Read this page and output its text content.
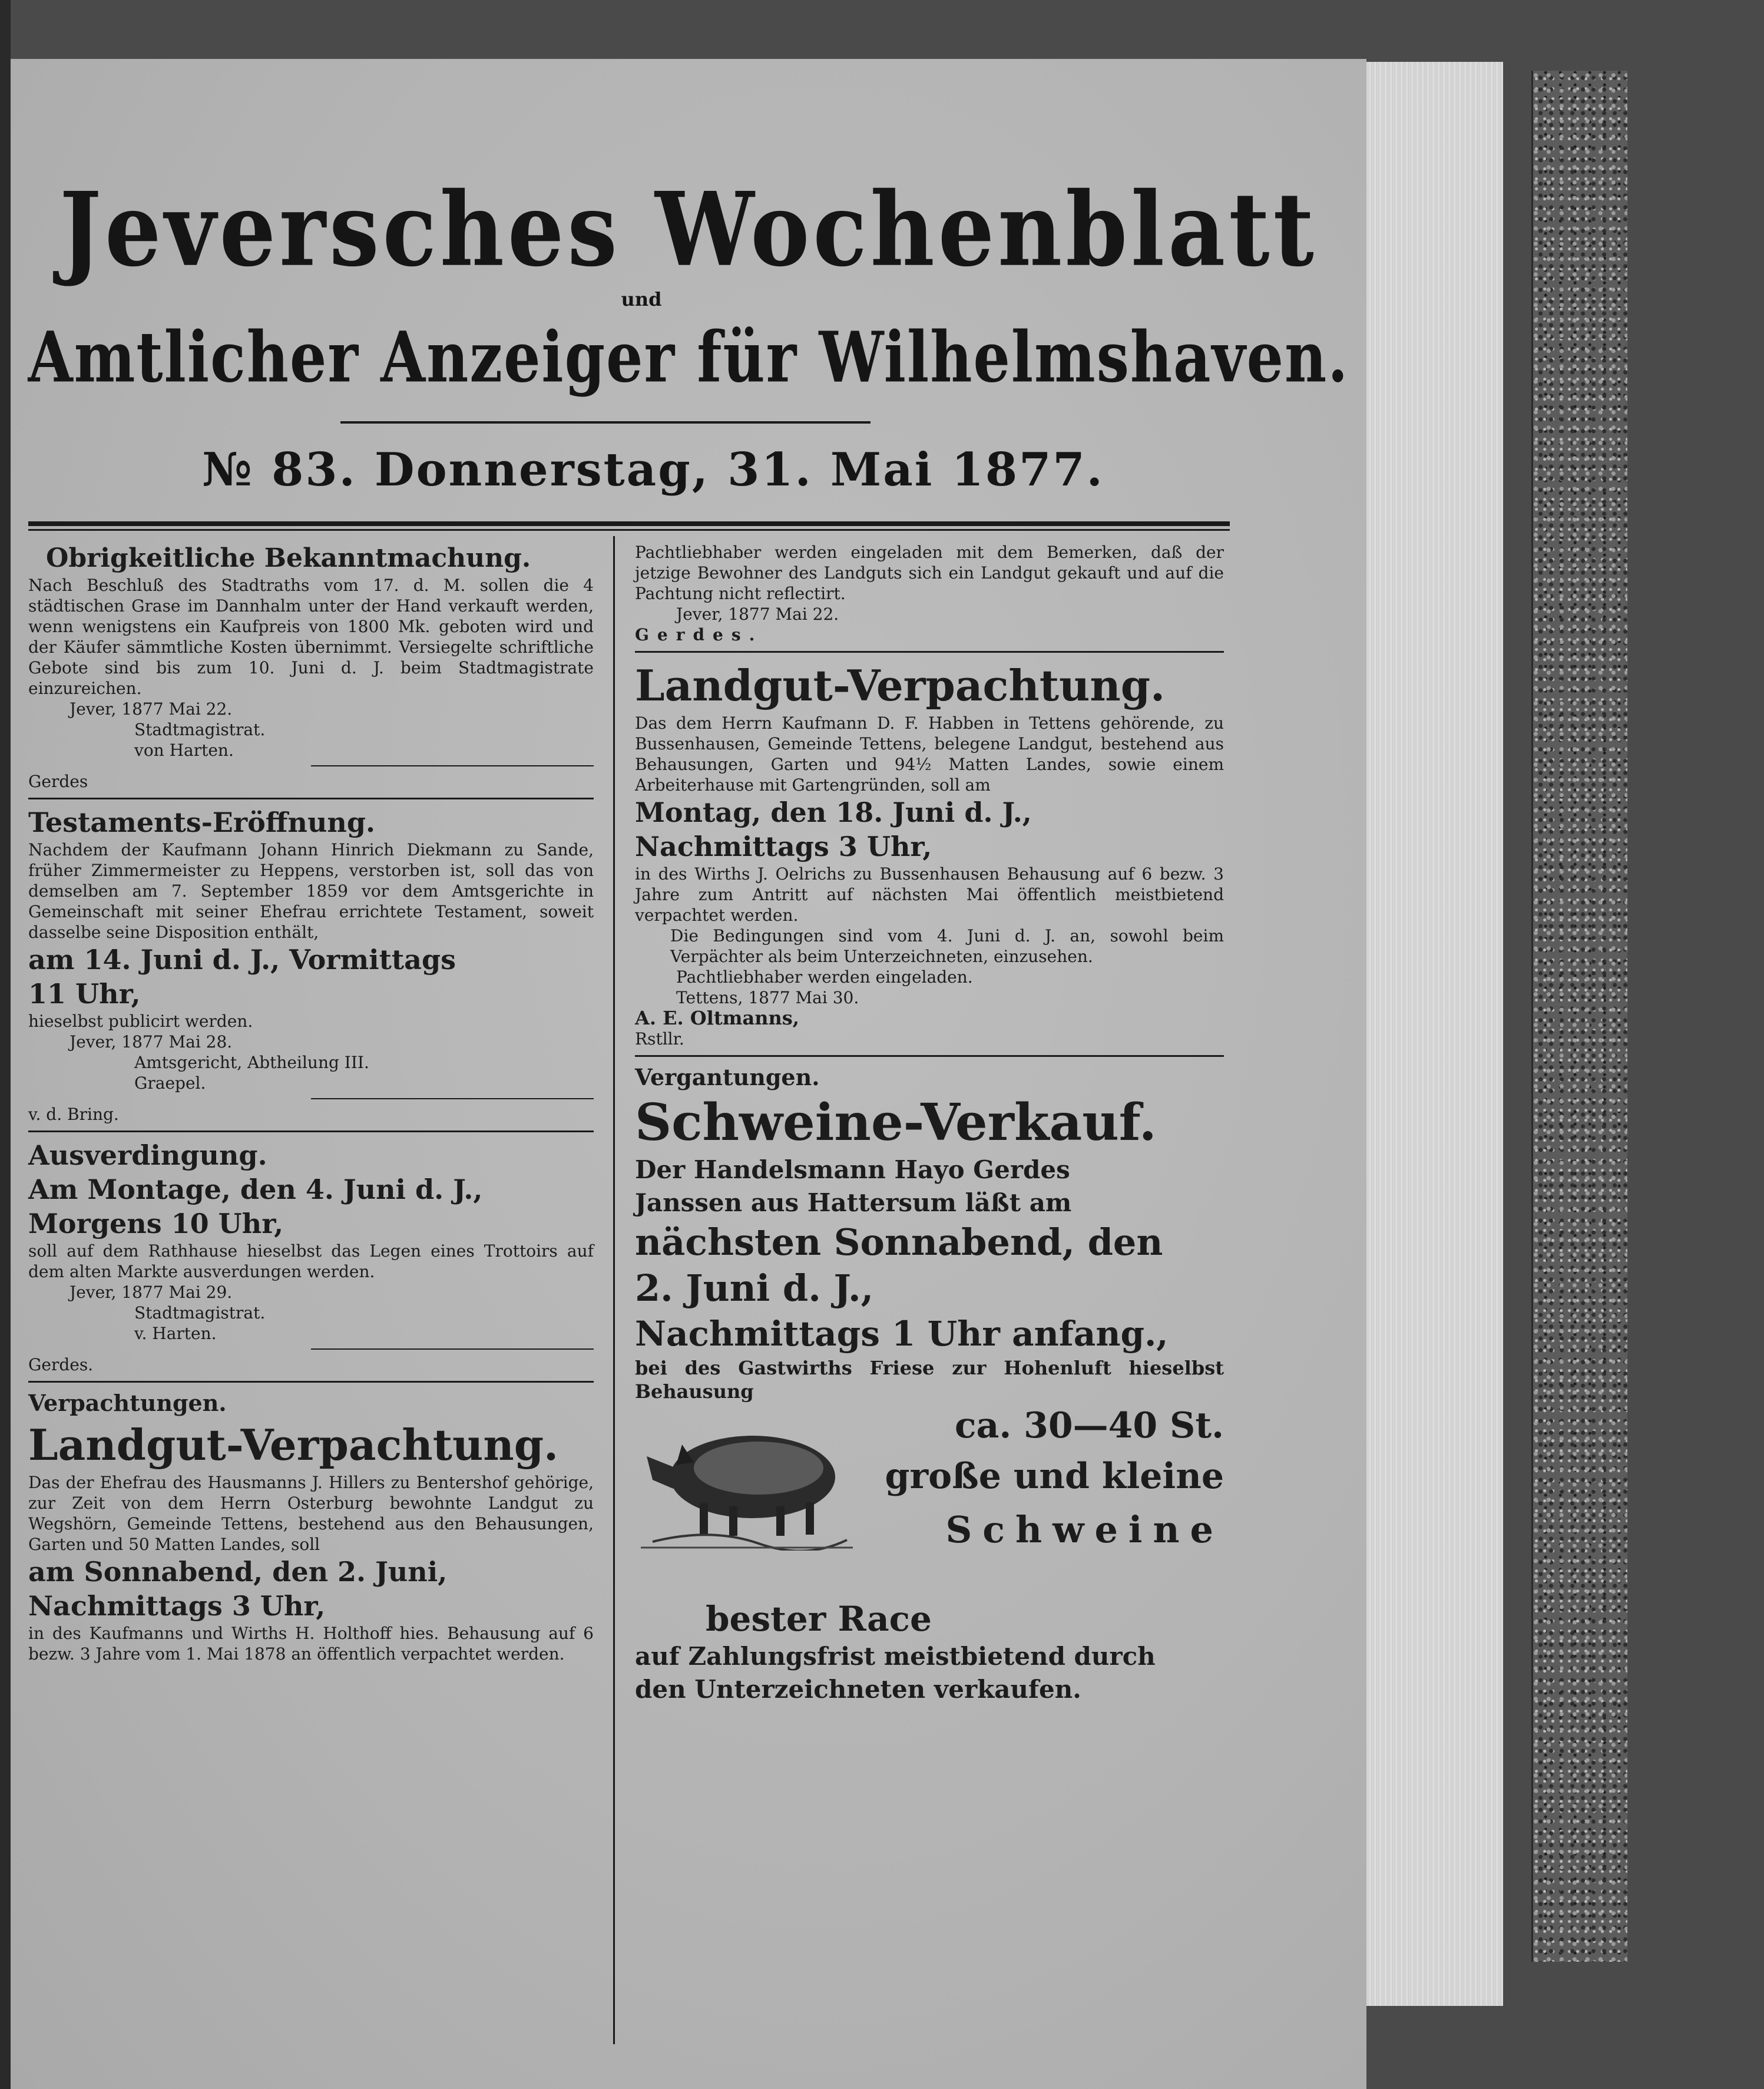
Jeversches Wochenblatt
und
Amtlicher Anzeiger für Wilhelmshaven.
№ 83. Donnerstag, 31. Mai 1877.

Obrigkeitliche Bekanntmachung.

Nach Beschluß des Stadtraths vom 17. d. M. sollen die 4 städtischen Grase im Dannhalm unter der Hand verkauft werden, wenn wenigstens ein Kaufpreis von 1800 Mk. geboten wird und der Käufer sämmtliche Kosten übernimmt. Versiegelte schriftliche Gebote sind bis zum 10. Juni d. J. beim Stadtmagistrate einzureichen.

Jever, 1877 Mai 22.

Stadtmagistrat.

von Harten.

Gerdes

Testaments-Eröffnung.

Nachdem der Kaufmann Johann Hinrich Diekmann zu Sande, früher Zimmermeister zu Heppens, verstorben ist, soll das von demselben am 7. September 1859 vor dem Amtsgerichte in Gemeinschaft mit seiner Ehefrau errichtete Testament, soweit dasselbe seine Disposition enthält,

am 14. Juni d. J., Vormittags

11 Uhr,

hieselbst publicirt werden.

Jever, 1877 Mai 28.

Amtsgericht, Abtheilung III.

Graepel.

v. d. Bring.

Ausverdingung.

Am Montage, den 4. Juni d. J.,

Morgens 10 Uhr,

soll auf dem Rathhause hieselbst das Legen eines Trottoirs auf dem alten Markte ausverdungen werden.

Jever, 1877 Mai 29.

Stadtmagistrat.

v. Harten.

Gerdes.

Verpachtungen.

Landgut-Verpachtung.

Das der Ehefrau des Hausmanns J. Hillers zu Bentershof gehörige, zur Zeit von dem Herrn Osterburg bewohnte Landgut zu Wegshörn, Gemeinde Tettens, bestehend aus den Behausungen, Garten und 50 Matten Landes, soll

am Sonnabend, den 2. Juni,

Nachmittags 3 Uhr,

in des Kaufmanns und Wirths H. Holthoff hies. Behausung auf 6 bezw. 3 Jahre vom 1. Mai 1878 an öffentlich verpachtet werden.

Pachtliebhaber werden eingeladen mit dem Bemerken, daß der jetzige Bewohner des Landguts sich ein Landgut gekauft und auf die Pachtung nicht reflectirt.

Jever, 1877 Mai 22.

Gerdes.

Landgut-Verpachtung.

Das dem Herrn Kaufmann D. F. Habben in Tettens gehörende, zu Bussenhausen, Gemeinde Tettens, belegene Landgut, bestehend aus Behausungen, Garten und 94½ Matten Landes, sowie einem Arbeiterhause mit Gartengründen, soll am

Montag, den 18. Juni d. J.,

Nachmittags 3 Uhr,

in des Wirths J. Oelrichs zu Bussenhausen Behausung auf 6 bezw. 3 Jahre zum Antritt auf nächsten Mai öffentlich meistbietend verpachtet werden.

Die Bedingungen sind vom 4. Juni d. J. an, sowohl beim Verpächter als beim Unterzeichneten, einzusehen.

Pachtliebhaber werden eingeladen.

Tettens, 1877 Mai 30.

A. E. Oltmanns,

Rstllr.

Vergantungen.

Schweine-Verkauf.

Der Handelsmann Hayo Gerdes

Janssen aus Hattersum läßt am

nächsten Sonnabend, den

2. Juni d. J.,

Nachmittags 1 Uhr anfang.,

bei des Gastwirths Friese zur Hohenluft hieselbst Behausung

ca. 30—40 St.

große und kleine

Schweine

bester Race

auf Zahlungsfrist meistbietend durch

den Unterzeichneten verkaufen.
